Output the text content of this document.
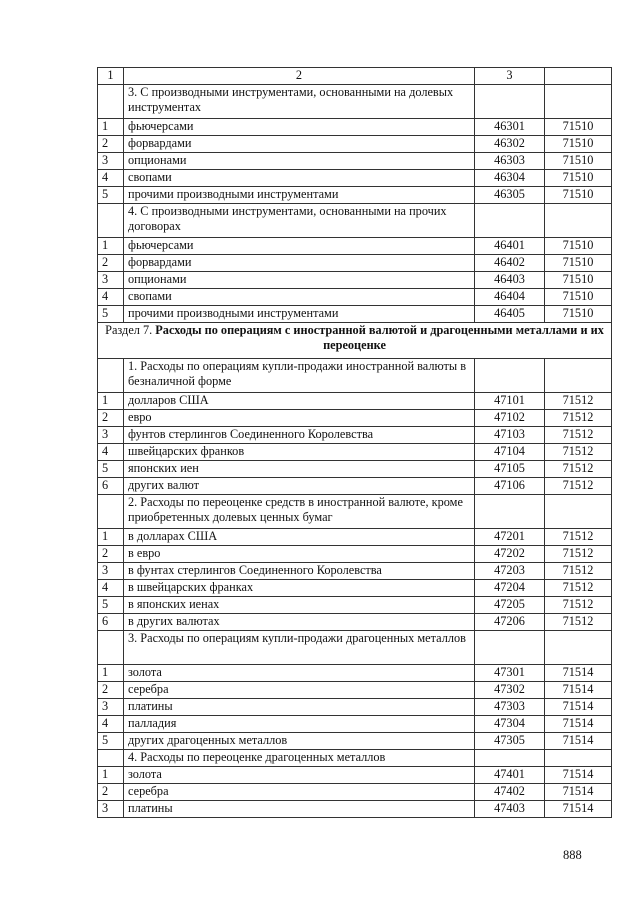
1	2	3	
	3. С производными инструментами, основанными на долевых инструментах		
1	фьючерсами	46301	71510
2	форвардами	46302	71510
3	опционами	46303	71510
4	свопами	46304	71510
5	прочими производными инструментами	46305	71510
	4. С производными инструментами, основанными на прочих договорах		
1	фьючерсами	46401	71510
2	форвардами	46402	71510
3	опционами	46403	71510
4	свопами	46404	71510
5	прочими производными инструментами	46405	71510
Раздел 7. Расходы по операциям с иностранной валютой и драгоценными металлами и их переоценке			
	1. Расходы по операциям купли-продажи иностранной валюты в безналичной форме		
1	долларов США	47101	71512
2	евро	47102	71512
3	фунтов стерлингов Соединенного Королевства	47103	71512
4	швейцарских франков	47104	71512
5	японских иен	47105	71512
6	других валют	47106	71512
	2. Расходы по переоценке средств в иностранной валюте, кроме приобретенных долевых ценных бумаг		
1	в долларах США	47201	71512
2	в евро	47202	71512
3	в фунтах стерлингов Соединенного Королевства	47203	71512
4	в швейцарских франках	47204	71512
5	в японских иенах	47205	71512
6	в других валютах	47206	71512
	3. Расходы по операциям купли-продажи драгоценных металлов		
1	золота	47301	71514
2	серебра	47302	71514
3	платины	47303	71514
4	палладия	47304	71514
5	других драгоценных металлов	47305	71514
	4. Расходы по переоценке драгоценных металлов		
1	золота	47401	71514
2	серебра	47402	71514
3	платины	47403	71514
888
